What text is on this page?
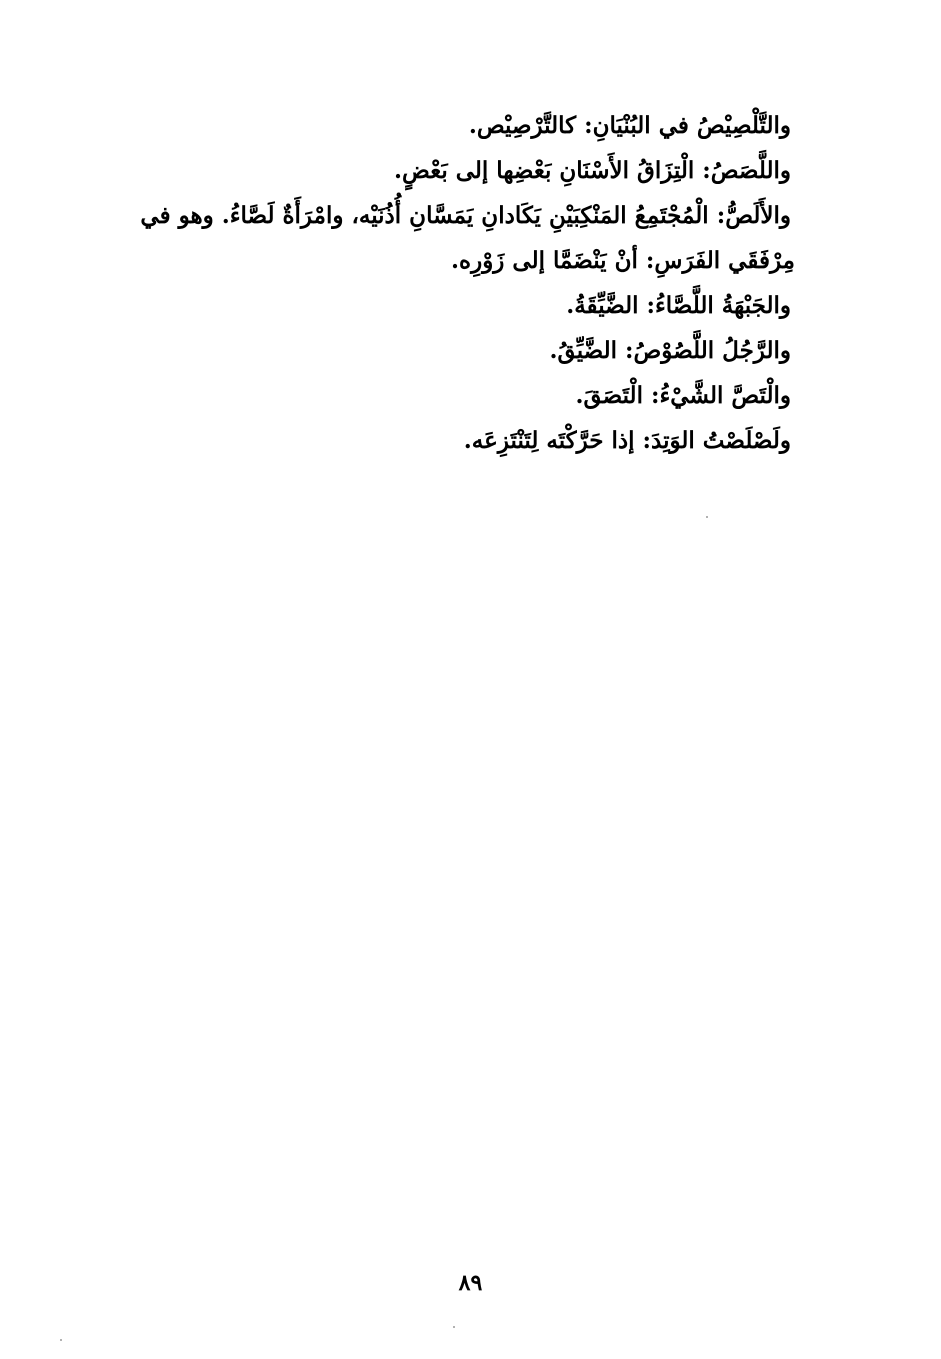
والتَّلْصِيْصُ في البُنْيَانِ: كالتَّرْصِيْص.

واللَّصَصُ: الْتِزَاقُ الأَسْنَانِ بَعْضِها إلى بَعْضٍ.

والأَلَصُّ: الْمُجْتَمِعُ المَنْكِبَيْنِ يَكَادانِ يَمَسَّانِ أُذُنَيْه، وامْرَأَةٌ لَصَّاءُ. وهو في

مِرْفَقَي الفَرَسِ: أنْ يَنْضَمَّا إلى زَوْرِه.

والجَبْهَةُ اللَّصَّاءُ: الضَّيِّقَةُ.

والرَّجُلُ اللَّصُوْصُ: الضَّيِّقُ.

والْتَصَّ الشَّيْءُ: الْتَصَقَ.

ولَصْلَصْتُ الوَتِدَ: إذا حَرَّكْتَه لِتَنْتَزِعَه.

٨٩
